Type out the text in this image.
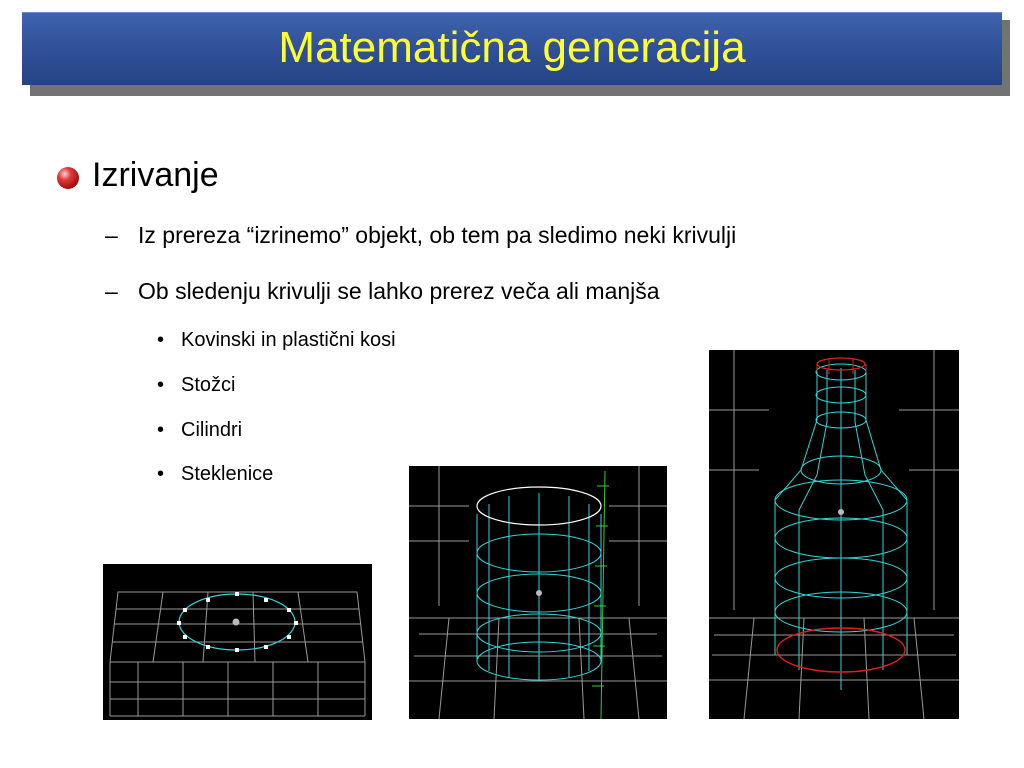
Matematična generacija
Izrivanje
– Iz prereza “izrinemo” objekt, ob tem pa sledimo neki krivulji
– Ob sledenju krivulji se lahko prerez veča ali manjša
• Kovinski in plastični kosi
• Stožci
• Cilindri
• Steklenice
